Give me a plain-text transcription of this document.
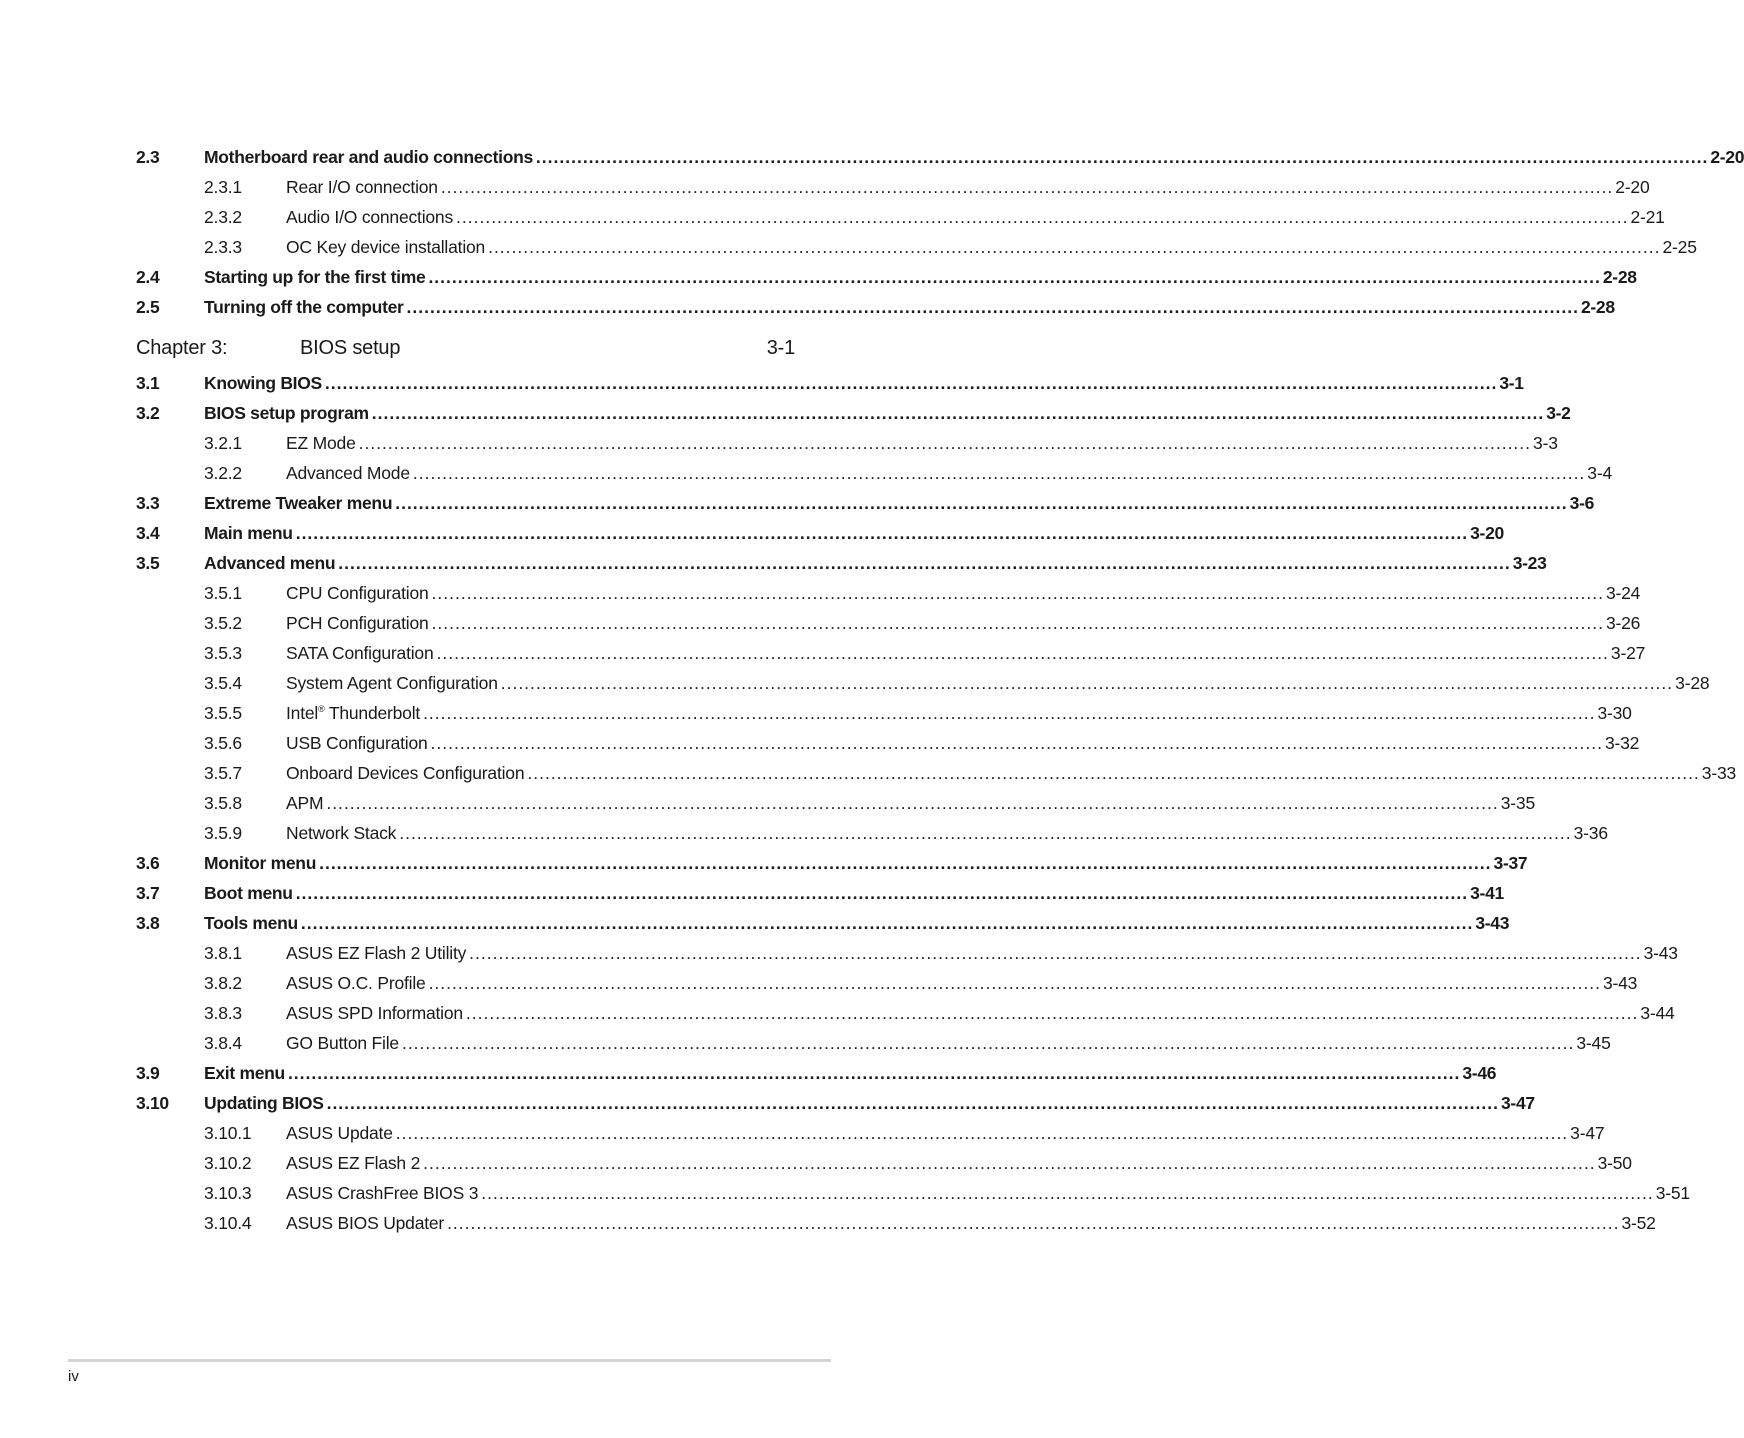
2.3	Motherboard rear and audio connections ........................................................................................................................................................................................................ 2-20
2.3.1	Rear I/O connection ........................................................................................................................................................................................................ 2-20
2.3.2	Audio I/O connections ........................................................................................................................................................................................................ 2-21
2.3.3	OC Key device installation ........................................................................................................................................................................................................ 2-25
2.4	Starting up for the first time ........................................................................................................................................................................................................ 2-28
2.5	Turning off the computer ........................................................................................................................................................................................................ 2-28
Chapter 3:	BIOS setup	3-1
3.1	Knowing BIOS ........................................................................................................................................................................................................ 3-1
3.2	BIOS setup program ........................................................................................................................................................................................................ 3-2
3.2.1	EZ Mode ........................................................................................................................................................................................................ 3-3
3.2.2	Advanced Mode ........................................................................................................................................................................................................ 3-4
3.3	Extreme Tweaker menu ........................................................................................................................................................................................................ 3-6
3.4	Main menu ........................................................................................................................................................................................................ 3-20
3.5	Advanced menu ........................................................................................................................................................................................................ 3-23
3.5.1	CPU Configuration ........................................................................................................................................................................................................ 3-24
3.5.2	PCH Configuration ........................................................................................................................................................................................................ 3-26
3.5.3	SATA Configuration ........................................................................................................................................................................................................ 3-27
3.5.4	System Agent Configuration ........................................................................................................................................................................................................ 3-28
3.5.5	Intel® Thunderbolt ........................................................................................................................................................................................................ 3-30
3.5.6	USB Configuration ........................................................................................................................................................................................................ 3-32
3.5.7	Onboard Devices Configuration ........................................................................................................................................................................................................ 3-33
3.5.8	APM ........................................................................................................................................................................................................ 3-35
3.5.9	Network Stack ........................................................................................................................................................................................................ 3-36
3.6	Monitor menu ........................................................................................................................................................................................................ 3-37
3.7	Boot menu ........................................................................................................................................................................................................ 3-41
3.8	Tools menu ........................................................................................................................................................................................................ 3-43
3.8.1	ASUS EZ Flash 2 Utility ........................................................................................................................................................................................................ 3-43
3.8.2	ASUS O.C. Profile ........................................................................................................................................................................................................ 3-43
3.8.3	ASUS SPD Information ........................................................................................................................................................................................................ 3-44
3.8.4	GO Button File ........................................................................................................................................................................................................ 3-45
3.9	Exit menu ........................................................................................................................................................................................................ 3-46
3.10 Updating BIOS ........................................................................................................................................................................................................ 3-47
3.10.1 ASUS Update ........................................................................................................................................................................................................ 3-47
3.10.2 ASUS EZ Flash 2 ........................................................................................................................................................................................................ 3-50
3.10.3 ASUS CrashFree BIOS 3 ........................................................................................................................................................................................................ 3-51
3.10.4 ASUS BIOS Updater ........................................................................................................................................................................................................ 3-52
iv
